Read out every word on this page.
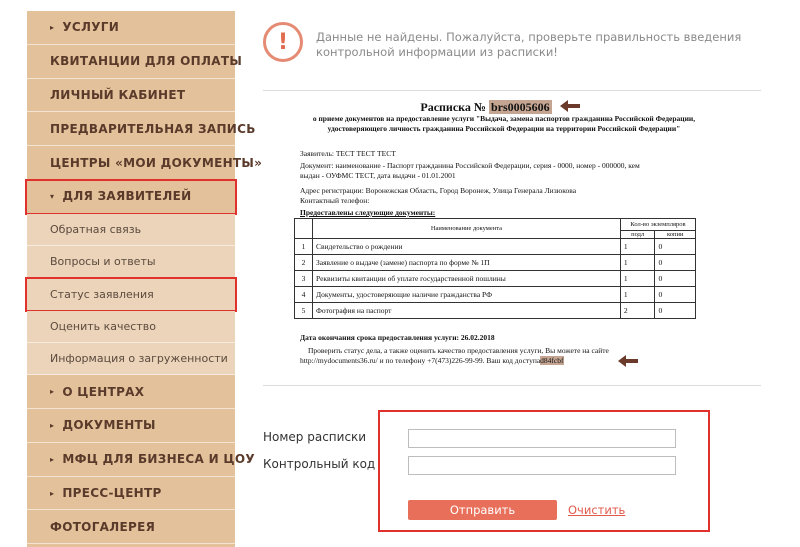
▸ УСЛУГИ
КВИТАНЦИИ ДЛЯ ОПЛАТЫ
ЛИЧНЫЙ КАБИНЕТ
ПРЕДВАРИТЕЛЬНАЯ ЗАПИСЬ
ЦЕНТРЫ «МОИ ДОКУМЕНТЫ»
▾ ДЛЯ ЗАЯВИТЕЛЕЙ
Обратная связь
Вопросы и ответы
Статус заявления
Оценить качество
Информация о загруженности
▸ О ЦЕНТРАХ
▸ ДОКУМЕНТЫ
▸ МФЦ ДЛЯ БИЗНЕСА И ЦОУ
▸ ПРЕСС-ЦЕНТР
ФОТОГАЛЕРЕЯ
!	Данные не найдены. Пожалуйста, проверьте правильность введения контрольной информации из расписки!
Расписка № brs0005606
о приеме документов на предоставление услуги "Выдача, замена паспортов гражданина Российской Федерации, удостоверяющего личность гражданина Российской Федерации на территории Российской Федерации"
Заявитель: ТЕСТ ТЕСТ ТЕСТ
Документ: наименование - Паспорт гражданина Российской Федерации, серия - 0000, номер - 000000, кем
выдан - ОУФМС ТЕСТ, дата выдачи - 01.01.2001
Адрес регистрации: Воронежская Область, Город Воронеж, Улица Генерала Лизюкова
Контактный телефон:
Предоставлены следующие документы:
	Наименование документа	Кол-во экземпляров	
		подл	копии
1	Свидетельство о рождении	1	0
2	Заявление о выдаче (замене) паспорта по форме № 1П	1	0
3	Реквизиты квитанции об уплате государственной пошлины	1	0
4	Документы, удостоверяющие наличие гражданства РФ	1	0
5	Фотография на паспорт	2	0
Дата окончания срока предоставления услуги: 26.02.2018
Проверить статус дела, а также оценить качество предоставления услуги, Вы можете на сайте
http://mydocuments36.ru/ и по телефону +7(473)226-99-99. Ваш код доступаd84fcbf
Номер расписки
Контрольный код
Отправить	Очистить
